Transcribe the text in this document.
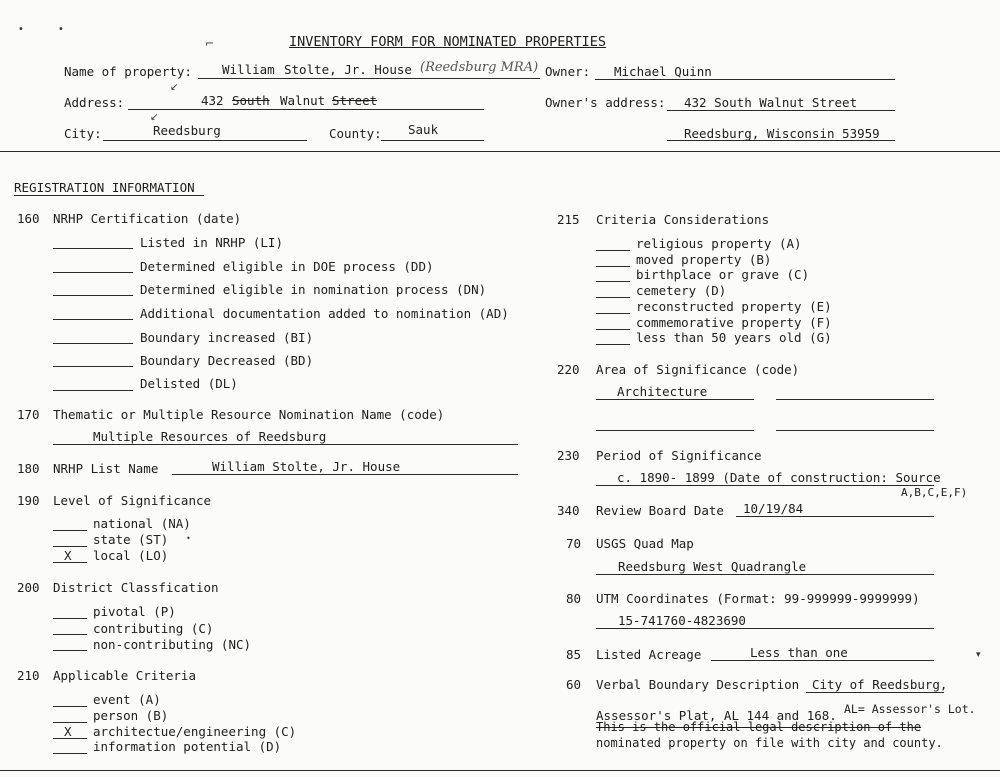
•	•
⌐	INVENTORY FORM FOR NOMINATED PROPERTIES
Name of property: William Stolte, Jr. House (Reedsburg MRA) Owner: Michael Quinn
↙
Address:	432 South Walnut Street	Owner's address: 432 South Walnut Street
↙
City:	Reedsburg	County: Sauk	Reedsburg, Wisconsin 53959
REGISTRATION INFORMATION
160 NRHP Certification (date)
Listed in NRHP (LI)
Determined eligible in DOE process (DD)
Determined eligible in nomination process (DN)
Additional documentation added to nomination (AD)
Boundary increased (BI)
Boundary Decreased (BD)
Delisted (DL)
170 Thematic or Multiple Resource Nomination Name (code)
Multiple Resources of Reedsburg
180 NRHP List Name	William Stolte, Jr. House
190 Level of Significance
national (NA)
state (ST)
X local (LO)
•
200 District Classfication
pivotal (P)
contributing (C)
non-contributing (NC)
210 Applicable Criteria
event (A)
person (B)
X architectue/engineering (C)
information potential (D)
215 Criteria Considerations
religious property (A)
moved property (B)
birthplace or grave (C)
cemetery (D)
reconstructed property (E)
commemorative property (F)
less than 50 years old (G)
220 Area of Significance (code)
Architecture
230 Period of Significance
c. 1890- 1899 (Date of construction: Source
A,B,C,E,F)
340 Review Board Date 10/19/84
70 USGS Quad Map
Reedsburg West Quadrangle
80 UTM Coordinates (Format: 99-999999-9999999)
15-741760-4823690
85 Listed Acreage	Less than one	▾
60 Verbal Boundary Description City of Reedsburg,
Assessor's Plat, AL 144 and 168. AL= Assessor's Lot.
This is the official legal description of the
nominated property on file with city and county.
